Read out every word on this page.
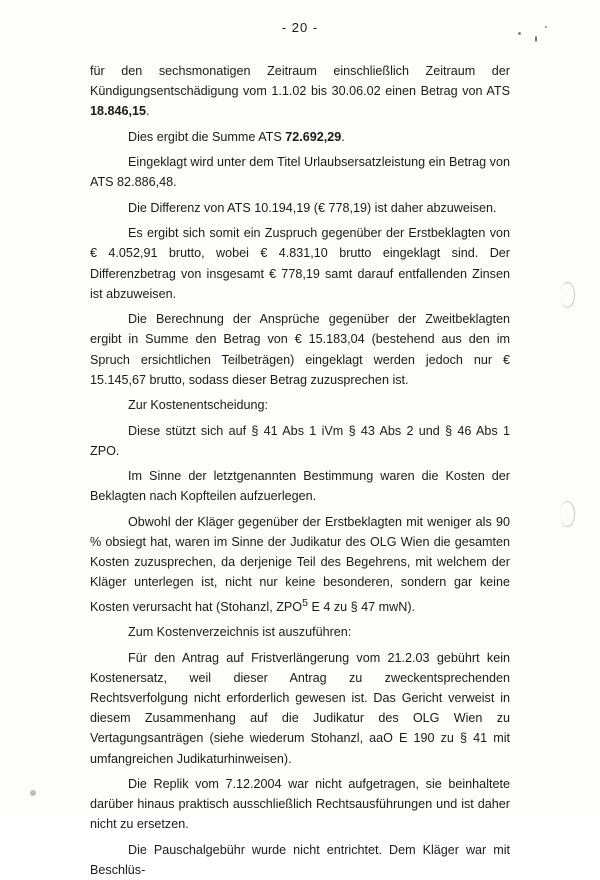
- 20 -

für den sechsmonatigen Zeitraum einschließlich Zeitraum der Kündigungsentschädigung vom 1.1.02 bis 30.06.02 einen Betrag von ATS 18.846,15.

Dies ergibt die Summe ATS 72.692,29.

Eingeklagt wird unter dem Titel Urlaubsersatzleistung ein Betrag von ATS 82.886,48.

Die Differenz von ATS 10.194,19 (€ 778,19) ist daher abzuweisen.

Es ergibt sich somit ein Zuspruch gegenüber der Erstbeklagten von € 4.052,91 brutto, wobei € 4.831,10 brutto eingeklagt sind. Der Differenzbetrag von insgesamt € 778,19 samt darauf entfallenden Zinsen ist abzuweisen.

Die Berechnung der Ansprüche gegenüber der Zweitbeklagten ergibt in Summe den Betrag von € 15.183,04 (bestehend aus den im Spruch ersichtlichen Teilbeträgen) eingeklagt werden jedoch nur € 15.145,67 brutto, sodass dieser Betrag zuzusprechen ist.

Zur Kostenentscheidung:

Diese stützt sich auf § 41 Abs 1 iVm § 43 Abs 2 und § 46 Abs 1 ZPO.

Im Sinne der letztgenannten Bestimmung waren die Kosten der Beklagten nach Kopfteilen aufzuerlegen.

Obwohl der Kläger gegenüber der Erstbeklagten mit weniger als 90 % obsiegt hat, waren im Sinne der Judikatur des OLG Wien die gesamten Kosten zuzusprechen, da derjenige Teil des Begehrens, mit welchem der Kläger unterlegen ist, nicht nur keine besonderen, sondern gar keine Kosten verursacht hat (Stohanzl, ZPO$^5$ E 4 zu § 47 mwN).

Zum Kostenverzeichnis ist auszuführen:

Für den Antrag auf Fristverlängerung vom 21.2.03 gebührt kein Kostenersatz, weil dieser Antrag zu zweckentsprechenden Rechtsverfolgung nicht erforderlich gewesen ist. Das Gericht verweist in diesem Zusammenhang auf die Judikatur des OLG Wien zu Vertagungsanträgen (siehe wiederum Stohanzl, aaO E 190 zu § 41 mit umfangreichen Judikaturhinweisen).

Die Replik vom 7.12.2004 war nicht aufgetragen, sie beinhaltete darüber hinaus praktisch ausschließlich Rechtsausführungen und ist daher nicht zu ersetzen.

Die Pauschalgebühr wurde nicht entrichtet. Dem Kläger war mit Beschlüs-
